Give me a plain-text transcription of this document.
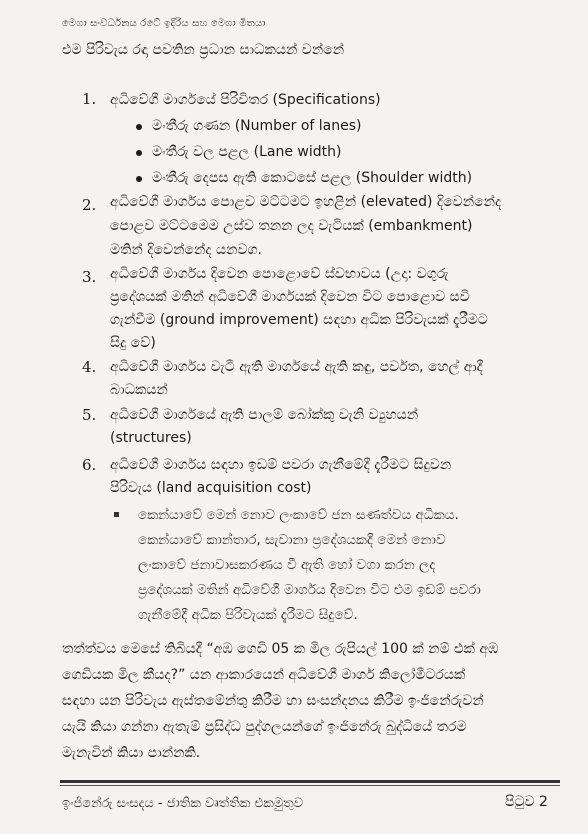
මෙගා සංවර්ධනය රටේ ඉදිරිය සහ මෙගා මිතයා
එම පිරිවැය රඳා පවතින ප්‍රධාන සාධකයන් වන්නේ
1. අධිවේගී මාර්ගයේ පිරිවිතර (Specifications)
මංතීරු ගණන (Number of lanes)
මංතීරු වල පළල (Lane width)
මංතීරු දෙපස ඇති කොටසේ පළල (Shoulder width)
2. අධිවේගී මාර්ගය පොළව මට්ටමට ඉහළින් (elevated) දිවෙන්නේද
පොළව මට්ටමෙම උස්ව තනන ලද වැටියක් (embankment)
මතින් දිවෙන්නේද යනවග.
3. අධිවේගී මාර්ගය දිවෙන පොළොවේ ස්වභාවය (උදා: වගුරු
ප්‍රදේශයක් මතින් අධිවේගී මාර්ගයක් දිවෙන විට පොළොව සවි
ගැන්වීම (ground improvement) සඳහා අධික පිරිවැයක් දැරීමට
සිදු වේ)
4. අධිවේගී මාර්ගය වැටී ඇති මාර්ගයේ ඇති කඳු, පර්වත, හෙල් ආදී
බාධකයන්
5. අධිවේගී මාර්ගයේ ඇති පාලම් බෝක්කු වැනි ව්‍යුහයන්
(structures)
6. අධිවේගී මාර්ගය සඳහා ඉඩම් පවරා ගැනීමේදී දැරීමට සිදුවන
පිරිවැය (land acquisition cost)
කෙන්යාවේ මෙන් නොව ලංකාවේ ජන සණත්වය අධිකය.
කෙන්යාවේ කාන්තාර, සැවානා ප්‍රදේශයකදී මෙන් නොව
ලංකාවේ ජනාවාසකරණය වී ඇති හෝ වගා කරන ලද
ප්‍රදේශයක් මතින් අධිවේගී මාර්ගය දිවෙන විට එම ඉඩම් පවරා
ගැනීමේදී අධික පිරිවැයක් දැරීමට සිදුවේ.
තත්ත්වය මෙසේ තිබියදී “අඹ ගෙඩි 05 ක මිල රුපියල් 100 ක් නම් එක් අඹ
ගෙඩියක මිල කීයද?” යන ආකාරයෙන් අධිවේගී මාර්ග කිලෝමීටරයක්
සඳහා යන පිරිවැය ඇස්තමේන්තු කිරීම හා සංසන්දනය කිරීම ඉංජිනේරුවන්
යැයි කියා ගන්නා ඇතැම් ප්‍රසිද්ධ පුද්ගලයන්ගේ ඉංජිනේරු බුද්ධියේ තරම
මැනැවින් කියා පාන්නකි.
ඉංජිනේරු සංසදය - ජාතික වෘත්තික එකමුතුව	පිටුව 2
